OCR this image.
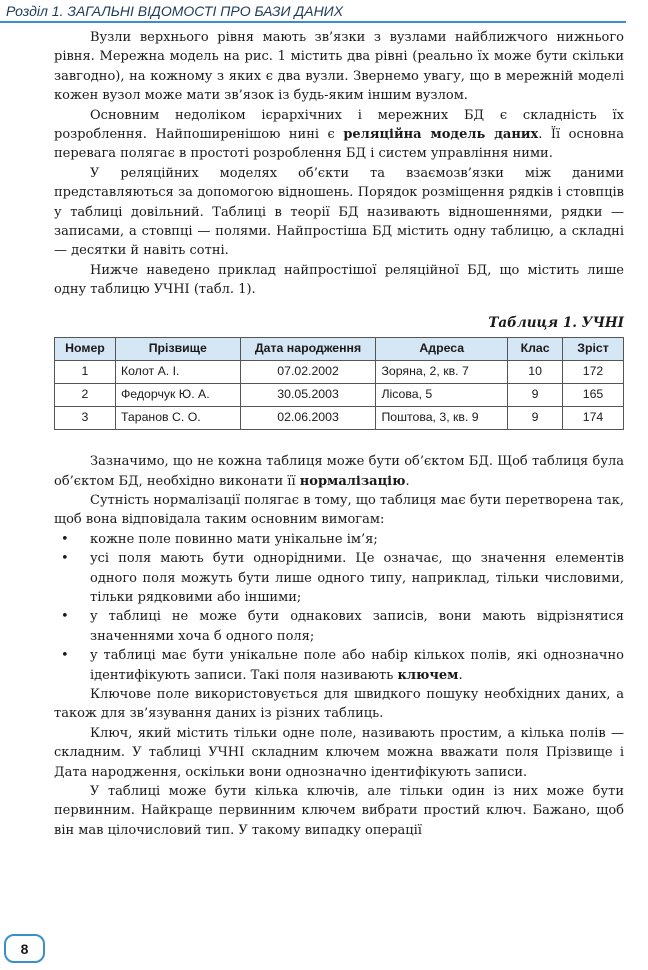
Розділ 1. ЗАГАЛЬНІ ВІДОМОСТІ ПРО БАЗИ ДАНИХ

Вузли верхнього рівня мають зв’язки з вузлами найближчого нижнього рівня. Мережна модель на рис. 1 містить два рівні (реально їх може бути скільки завгодно), на кожному з яких є два вузли. Звернемо увагу, що в мережній моделі кожен вузол може мати зв’язок із будь-яким іншим вузлом.

Основним недоліком ієрархічних і мережних БД є складність їх розроблення. Найпоширенішою нині є реляційна модель даних. Її основна перевага полягає в простоті розроблення БД і систем управління ними.

У реляційних моделях об’єкти та взаємозв’язки між даними представляються за допомогою відношень. Порядок розміщення рядків і стовпців у таблиці довільний. Таблиці в теорії БД називають відношеннями, рядки — записами, а стовпці — полями. Найпростіша БД містить одну таблицю, а складні — десятки й навіть сотні.

Нижче наведено приклад найпростішої реляційної БД, що містить лише одну таблицю УЧНІ (табл. 1).

Таблиця 1. УЧНІ
Номер	Прізвище	Дата народження	Адреса	Клас	Зріст
1	Колот А. І.	07.02.2002	Зоряна, 2, кв. 7	10	172
2	Федорчук Ю. А.	30.05.2003	Лісова, 5	9	165
3	Таранов С. О.	02.06.2003	Поштова, 3, кв. 9	9	174

Зазначимо, що не кожна таблиця може бути об’єктом БД. Щоб таблиця була об’єктом БД, необхідно виконати її нормалізацію.

Сутність нормалізації полягає в тому, що таблиця має бути перетворена так, щоб вона відповідала таким основним вимогам:

• кожне поле повинно мати унікальне ім’я;
• усі поля мають бути однорідними. Це означає, що значення елементів одного поля можуть бути лише одного типу, наприклад, тільки числовими, тільки рядковими або іншими;
• у таблиці не може бути однакових записів, вони мають відрізнятися значеннями хоча б одного поля;
• у таблиці має бути унікальне поле або набір кількох полів, які однозначно ідентифікують записи. Такі поля називають ключем.

Ключове поле використовується для швидкого пошуку необхідних даних, а також для зв’язування даних із різних таблиць.

Ключ, який містить тільки одне поле, називають простим, а кілька полів — складним. У таблиці УЧНІ складним ключем можна вважати поля Прізвище і Дата народження, оскільки вони однозначно ідентифікують записи.

У таблиці може бути кілька ключів, але тільки один із них може бути первинним. Найкраще первинним ключем вибрати простий ключ. Бажано, щоб він мав цілочисловий тип. У такому випадку операції

8
